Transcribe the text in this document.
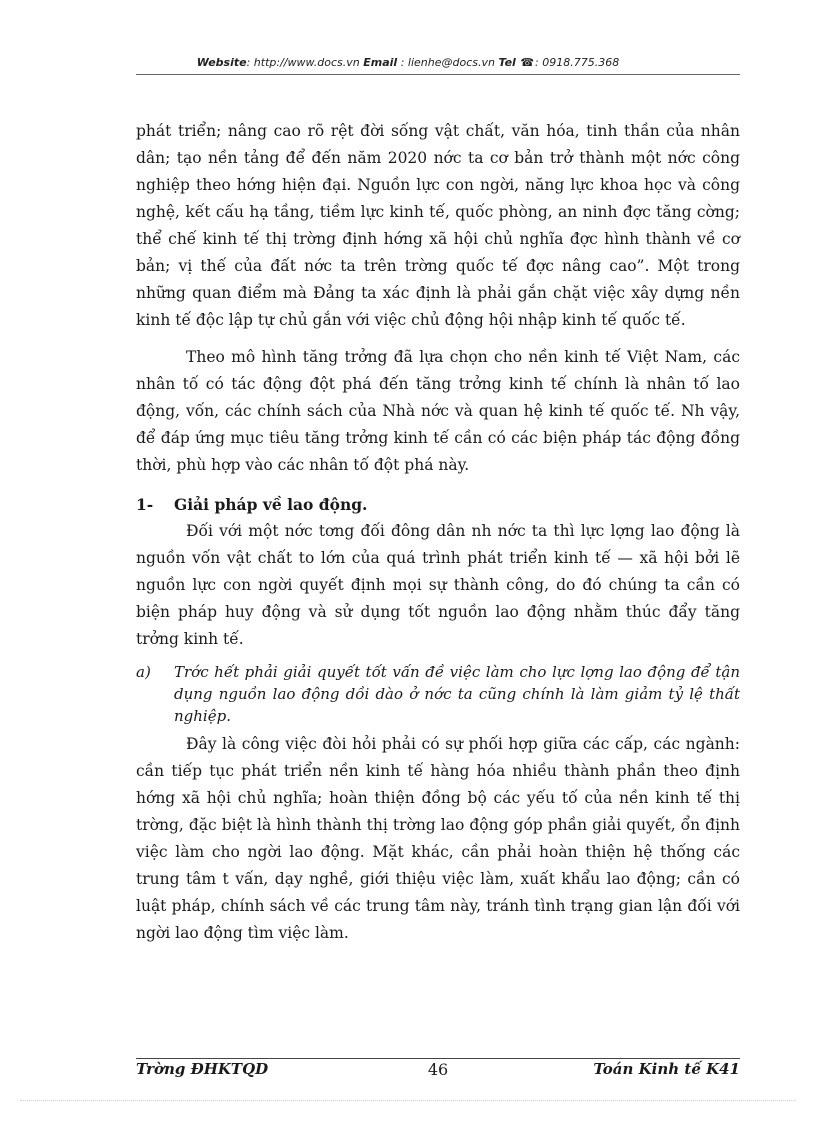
Website: http://www.docs.vn Email : lienhe@docs.vn Tel ☎: 0918.775.368

phát triển; nâng cao rõ rệt đời sống vật chất, văn hóa, tinh thần của nhân dân; tạo nền tảng để đến năm 2020 nớc ta cơ bản trở thành một nớc công nghiệp theo hớng hiện đại. Nguồn lực con ngời, năng lực khoa học và công nghệ, kết cấu hạ tầng, tiềm lực kinh tế, quốc phòng, an ninh đợc tăng cờng; thể chế kinh tế thị trờng định hớng xã hội chủ nghĩa đợc hình thành về cơ bản; vị thế của đất nớc ta trên trờng quốc tế đợc nâng cao”. Một trong những quan điểm mà Đảng ta xác định là phải gắn chặt việc xây dựng nền kinh tế độc lập tự chủ gắn với việc chủ động hội nhập kinh tế quốc tế.

Theo mô hình tăng trởng đã lựa chọn cho nền kinh tế Việt Nam, các nhân tố có tác động đột phá đến tăng trởng kinh tế chính là nhân tố lao động, vốn, các chính sách của Nhà nớc và quan hệ kinh tế quốc tế. Nh vậy, để đáp ứng mục tiêu tăng trởng kinh tế cần có các biện pháp tác động đồng thời, phù hợp vào các nhân tố đột phá này.

1-	Giải pháp về lao động.

Đối với một nớc tơng đối đông dân nh nớc ta thì lực lợng lao động là nguồn vốn vật chất to lớn của quá trình phát triển kinh tế — xã hội bởi lẽ nguồn lực con ngời quyết định mọi sự thành công, do đó chúng ta cần có biện pháp huy động và sử dụng tốt nguồn lao động nhằm thúc đẩy tăng trởng kinh tế.

a)	Trớc hết phải giải quyết tốt vấn đề việc làm cho lực lợng lao động để tận dụng nguồn lao động dồi dào ở nớc ta cũng chính là làm giảm tỷ lệ thất nghiệp.

Đây là công việc đòi hỏi phải có sự phối hợp giữa các cấp, các ngành: cần tiếp tục phát triển nền kinh tế hàng hóa nhiều thành phần theo định hớng xã hội chủ nghĩa; hoàn thiện đồng bộ các yếu tố của nền kinh tế thị trờng, đặc biệt là hình thành thị trờng lao động góp phần giải quyết, ổn định việc làm cho ngời lao động. Mặt khác, cần phải hoàn thiện hệ thống các trung tâm t vấn, dạy nghề, giới thiệu việc làm, xuất khẩu lao động; cần có luật pháp, chính sách về các trung tâm này, tránh tình trạng gian lận đối với ngời lao động tìm việc làm.

Trờng ĐHKTQD	46	Toán Kinh tế K41
